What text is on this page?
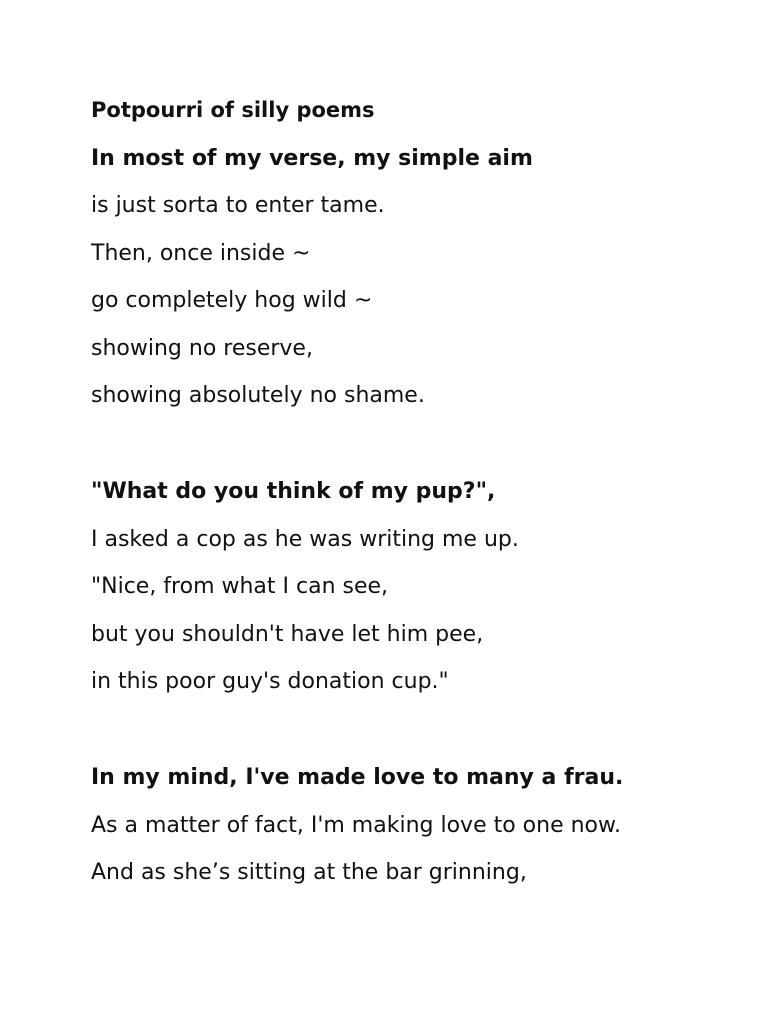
Potpourri of silly poems
In most of my verse, my simple aim
is just sorta to enter tame.
Then, once inside ~
go completely hog wild ~
showing no reserve,
showing absolutely no shame.
"What do you think of my pup?",
I asked a cop as he was writing me up.
"Nice, from what I can see,
but you shouldn't have let him pee,
in this poor guy's donation cup."
In my mind, I've made love to many a frau.
As a matter of fact, I'm making love to one now.
And as she’s sitting at the bar grinning,
